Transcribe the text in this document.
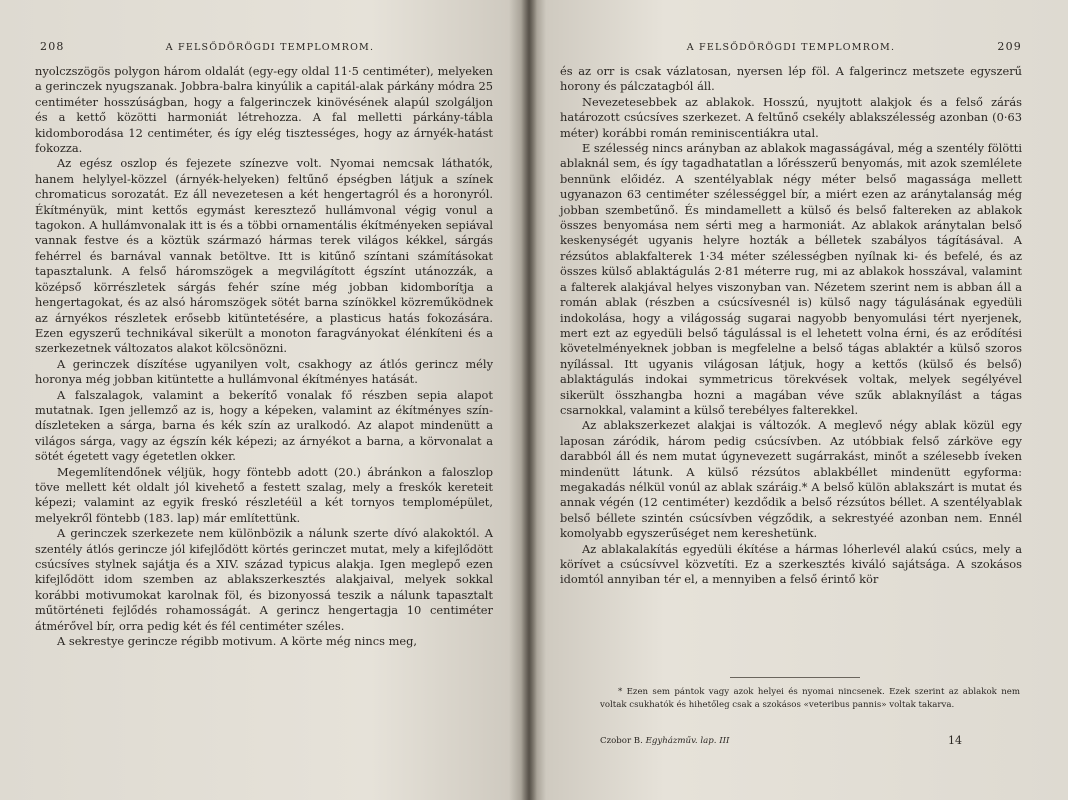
208	A FELSŐDÖRÖGDI TEMPLOMROM.

nyolczszögös polygon három oldalát (egy-egy oldal 11·5 centiméter), melyeken a gerinczek nyugszanak. Jobbra-balra kinyúlik a capitál-alak párkány módra 25 centiméter hosszúságban, hogy a falgerinczek kinövésének alapúl szolgáljon és a kettő közötti harmoniát létrehozza. A fal melletti párkány-tábla kidomborodása 12 centiméter, és így elég tisztességes, hogy az árnyék-hatást fokozza.

Az egész oszlop és fejezete színezve volt. Nyomai nemcsak láthatók, hanem helylyel-közzel (árnyék-helyeken) feltűnő épségben látjuk a színek chromaticus sorozatát. Ez áll nevezetesen a két hengertagról és a horonyról. Ékítményük, mint kettős egymást keresztező hullámvonal végig vonul a tagokon. A hullámvonalak itt is és a többi ornamentális ékítményeken sepiával vannak festve és a köztük származó hármas terek világos kékkel, sárgás fehérrel és barnával vannak betöltve. Itt is kitűnő színtani számításokat tapasztalunk. A felső háromszögek a megvilágított égszínt utánozzák, a középső körrészletek sárgás fehér színe még jobban kidomborítja a hengertagokat, és az alsó háromszögek sötét barna színökkel közreműködnek az árnyékos részletek erősebb kitüntetésére, a plasticus hatás fokozására. Ezen egyszerű technikával sikerült a monoton faragványokat élénkíteni és a szerkezetnek változatos alakot kölcsönözni.

A gerinczek díszítése ugyanilyen volt, csakhogy az átlós gerincz mély horonya még jobban kitüntette a hullámvonal ékítményes hatását.

A falszalagok, valamint a bekerítő vonalak fő részben sepia alapot mutatnak. Igen jellemző az is, hogy a képeken, valamint az ékítményes szín-díszleteken a sárga, barna és kék szín az uralkodó. Az alapot mindenütt a világos sárga, vagy az égszín kék képezi; az árnyékot a barna, a körvonalat a sötét égetett vagy égetetlen okker.

Megemlítendőnek véljük, hogy föntebb adott (20.) ábránkon a faloszlop töve mellett két oldalt jól kivehető a festett szalag, mely a freskók kereteit képezi; valamint az egyik freskó részletéül a két tornyos templomépület, melyekről föntebb (183. lap) már említettünk.

A gerinczek szerkezete nem különbözik a nálunk szerte dívó alakoktól. A szentély átlós gerincze jól kifejlődött körtés gerinczet mutat, mely a kifejlődött csúcsíves stylnek sajátja és a XIV. század typicus alakja. Igen meglepő ezen kifejlődött idom szemben az ablakszerkesztés alakjaival, melyek sokkal korábbi motivumokat karolnak föl, és bizonyossá teszik a nálunk tapasztalt műtörténeti fejlődés rohamosságát. A gerincz hengertagja 10 centiméter átmérővel bír, orra pedig két és fél centiméter széles.

A sekrestye gerincze régibb motivum. A körte még nincs meg,

A FELSŐDÖRÖGDI TEMPLOMROM.	209

és az orr is csak vázlatosan, nyersen lép föl. A falgerincz metszete egyszerű horony és pálczatagból áll.

Nevezetesebbek az ablakok. Hosszú, nyujtott alakjok és a felső zárás határozott csúcsíves szerkezet. A feltűnő csekély ablakszélesség azonban (0·63 méter) korábbi román reminiscentiákra utal.

E szélesség nincs arányban az ablakok magasságával, még a szentély fölötti ablaknál sem, és így tagadhatatlan a lőrésszerű benyomás, mit azok szemlélete bennünk előidéz. A szentélyablak négy méter belső magassága mellett ugyanazon 63 centiméter szélességgel bír, a miért ezen az aránytalanság még jobban szembetűnő. És mindamellett a külső és belső faltereken az ablakok összes benyomása nem sérti meg a harmoniát. Az ablakok aránytalan belső keskenységét ugyanis helyre hozták a bélletek szabályos tágításával. A rézsútos ablakfalterek 1·34 méter szélességben nyílnak ki- és befelé, és az összes külső ablaktágulás 2·81 méterre rug, mi az ablakok hosszával, valamint a falterek alakjával helyes viszonyban van. Nézetem szerint nem is abban áll a román ablak (részben a csúcsívesnél is) külső nagy tágulásának egyedüli indokolása, hogy a világosság sugarai nagyobb benyomulási tért nyerjenek, mert ezt az egyedüli belső tágulással is el lehetett volna érni, és az erődítési követelményeknek jobban is megfelelne a belső tágas ablaktér a külső szoros nyílással. Itt ugyanis világosan látjuk, hogy a kettős (külső és belső) ablaktágulás indokai symmetricus törekvések voltak, melyek segélyével sikerült összhangba hozni a magában véve szűk ablaknyílást a tágas csarnokkal, valamint a külső terebélyes falterekkel.

Az ablakszerkezet alakjai is változók. A meglevő négy ablak közül egy laposan záródik, három pedig csúcsívben. Az utóbbiak felső zárköve egy darabból áll és nem mutat úgynevezett sugárrakást, minőt a szélesebb íveken mindenütt látunk. A külső rézsútos ablakbéllet mindenütt egyforma: megakadás nélkül vonúl az ablak száráig.* A belső külön ablakszárt is mutat és annak végén (12 centiméter) kezdődik a belső rézsútos béllet. A szentélyablak belső béllete szintén csúcsívben végződik, a sekrestyéé azonban nem. Ennél komolyabb egyszerűséget nem kereshetünk.

Az ablakalakítás egyedüli ékítése a hármas lóherlevél alakú csúcs, mely a körívet a csúcsívvel közvetíti. Ez a szerkesztés kiváló sajátsága. A szokásos idomtól annyiban tér el, a mennyiben a felső érintő kör

* Ezen sem pántok vagy azok helyei és nyomai nincsenek. Ezek szerint az ablakok nem voltak csukhatók és hihetőleg csak a szokásos «veteribus pannis» voltak takarva.

Czobor B. Egyházműv. lap. III	14
